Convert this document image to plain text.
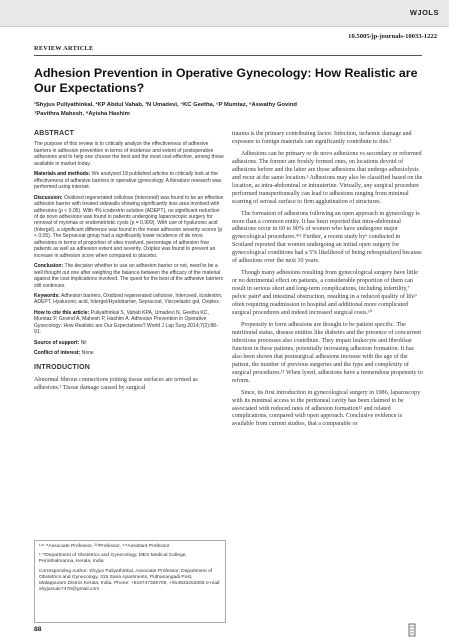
WJOLS
10.5005/jp-journals-10033-1222
REVIEW ARTICLE
Adhesion Prevention in Operative Gynecology: How Realistic are Our Expectations?
¹Shyjus Puliyathinkal, ²KP Abdul Vahab, ³N Umadevi, ⁴KC Geetha, ⁵P Mumtaz, ⁶Aswathy Govind
⁷Pavithra Mahesh, ⁸Ayisha Hashim

ABSTRACT

The purpose of this review is to critically analyze the effectiveness of adhesive barriers in adhesion prevention in terms of incidence and extent of postoperative adhesions and to help one choose the best and the most cost-effective, among those available in market today.

Materials and methods: We analyzed 18 published articles to critically look at the effectiveness of adhesive barriers in operative gynecology. A literature research was performed using internet.

Discussion: Oxidized regenerated cellulose (Interceed) was found to be an effective adhesion barrier with treated sidewalls showing significantly less area involved with adhesions (p < 0.05). With 4% icodextrin solution (ADEPT), no significant reduction of de novo adhesions was found in patients undergoing laparoscopic surgery for removal of myomas or endometriotic cysts (p = 0.909). With use of hyaluronic acid (Intergel), a significant difference was found in the mean adhesion severity scores (p < 0.05). The Sepracoat group had a significantly lower incidence of de novo adhesions in terms of proportion of sites involved, percentage of adhesion free patients as well as adhesion extent and severity. Oxiplex was found to prevent an increase in adhesion score when compared to placebo.

Conclusion: The decision whether to use an adhesion barrier or not, need to be a well thought out one after weighing the balance between the efficacy of the material against the cost implications involved. The quest for the best of the adhesive barriers still continues.

Keywords: Adhesion barriers, Oxidized regenerated cellulose, Interceed, Icodextrin, ADEPT, Hyaluronic acid, Intergel/Hyalobarrier, Sepracoat, Viscoelastic gel, Oxiplex.

How to cite this article: Puliyathinkal S, Vahab KPA, Umadevi N, Geetha KC, Mumtaz P, Govind A, Mahesh P, Hashim A. Adhesion Prevention in Operative Gynecology: How Realistic are Our Expectations? World J Lap Surg 2014;7(2):88-91.

Source of support: Nil

Conflict of interest: None

INTRODUCTION

Abnormal fibrous connections joining tissue surfaces are termed as adhesions.¹ Tissue damage caused by surgical

¹ʴ⁶⁻⁸Associate Professor, ²ʴ³Professor, ⁴ʴ⁵Assistant Professor

¹⁻⁸Department of Obstetrics and Gynecology, MES Medical College, Perinthalmanna, Kerala, India

Corresponding Author: Shyjus Puliyathinkal, Associate Professor, Department of Obstetrics and Gynecology, 315 Sana Apartments, Puthanangadi Post, Malappuram District Kerala, India, Phone: +919747355709, +914933253305 e-mail: shyjusnair7478@gmail.com

trauma is the primary contributing factor. Infection, ischemic damage and exposure to foreign materials can significantly contribute to this.²

Adhesions can be primary or de novo adhesions vs secondary or reformed adhesions. The former are freshly formed ones, on locations devoid of adhesions before and the latter are those adhesions that undergo adhesiolysis and recur at the same location.³ Adhesions may also be classified based on the location, as intra-abdominal or intrauterine. Virtually, any surgical procedure performed transperitoneally can lead to adhesions ranging from minimal scarring of serosal surface to firm agglutination of structures.

The formation of adhesions following an open approach in gynecology is more than a common entity. It has been reported that intra-abdominal adhesions occur in 60 to 90% of women who have undergone major gynecological procedures.⁴ʴ⁵ Further, a recent study by⁶ conducted in Scotland reported that women undergoing an initial open surgery for gynecological conditions had a 5% likelihood of being rehospitalized because of adhesions over the next 10 years.

Though many adhesions resulting from gynecological surgery have little or no detrimental effect on patients, a considerable proportion of them can result in serious short and long-term complications, including infertility,⁷ pelvic pain⁸ and intestinal obstruction, resulting in a reduced quality of life⁹ often requiring readmission to hospital and additional more complicated surgical procedures and indeed increased surgical costs.¹⁰

Propensity to form adhesions are thought to be patient specific. The nutritional status, disease entities like diabetes and the presence of concurrent infectious processes also contribute. They impair leukocyte and fibroblast function in these patients, potentially increasing adhesion formation. It has also been shown that postsurgical adhesions increase with the age of the patient, the number of previous surgeries and the type and complexity of surgical procedures.¹¹ When lysed, adhesions have a tremendous propensity to reform.

Since, its first introduction in gynecological surgery in 1986, laparoscopy with its minimal access to the peritoneal cavity has been claimed to be associated with reduced rates of adhesion formation¹² and related complications, compared with open approach. Conclusive evidence is available from current studies, that a comparable or

88
